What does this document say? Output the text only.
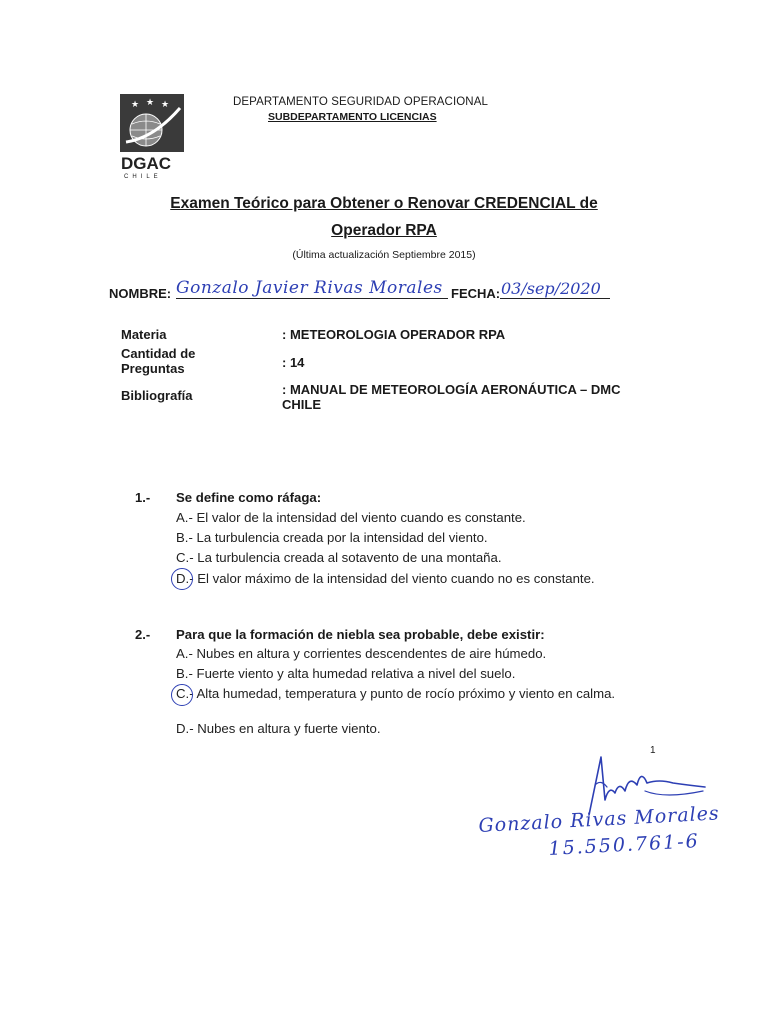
★ ★ ★
DGAC
CHILE
DEPARTAMENTO SEGURIDAD OPERACIONAL
SUBDEPARTAMENTO LICENCIAS
Examen Teórico para Obtener o Renovar CREDENCIAL de
Operador RPA
(Última actualización Septiembre 2015)
NOMBRE: Gonzalo Javier Rivas Morales FECHA: 03/sep/2020
Materia	: METEOROLOGIA OPERADOR RPA
Cantidad de Preguntas	: 14
Bibliografía	: MANUAL DE METEOROLOGÍA AERONÁUTICA – DMC CHILE
1.- Se define como ráfaga:
A.- El valor de la intensidad del viento cuando es constante.
B.- La turbulencia creada por la intensidad del viento.
C.- La turbulencia creada al sotavento de una montaña.
D.- El valor máximo de la intensidad del viento cuando no es constante.
2.- Para que la formación de niebla sea probable, debe existir:
A.- Nubes en altura y corrientes descendentes de aire húmedo.
B.- Fuerte viento y alta humedad relativa a nivel del suelo.
C.- Alta humedad, temperatura y punto de rocío próximo y viento en calma.
D.- Nubes en altura y fuerte viento.
1
Gonzalo Rivas Morales
15.550.761-6
